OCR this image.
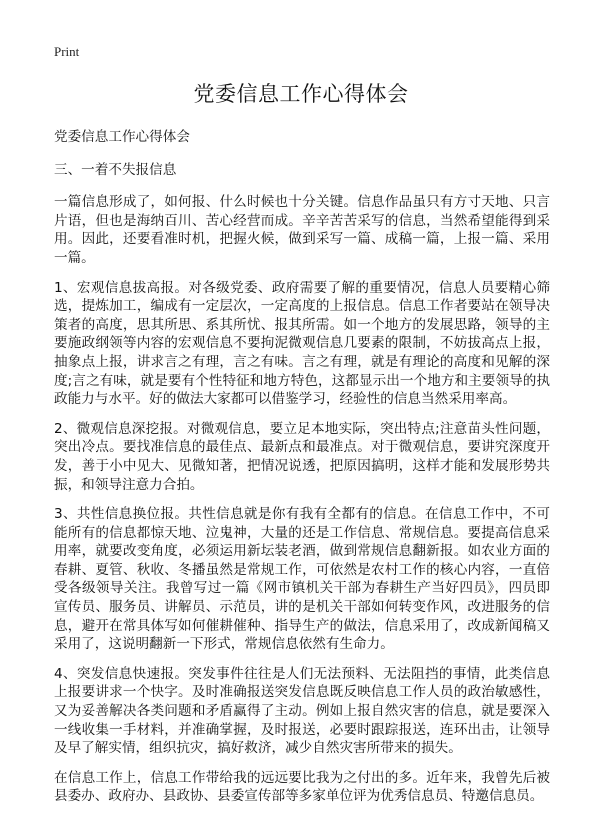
Print
党委信息工作心得体会

党委信息工作心得体会

三、一着不失报信息

一篇信息形成了，如何报、什么时候也十分关键。信息作品虽只有方寸天地、只言片语，但也是海纳百川、苦心经营而成。辛辛苦苦采写的信息，当然希望能得到采用。因此，还要看准时机，把握火候，做到采写一篇、成稿一篇，上报一篇、采用一篇。

1、宏观信息拔高报。对各级党委、政府需要了解的重要情况，信息人员要精心筛选，提炼加工，编成有一定层次，一定高度的上报信息。信息工作者要站在领导决策者的高度，思其所思、系其所忧、报其所需。如一个地方的发展思路，领导的主要施政纲领等内容的宏观信息不要拘泥微观信息几要素的限制，不妨拔高点上报，抽象点上报，讲求言之有理，言之有味。言之有理，就是有理论的高度和见解的深度;言之有味，就是要有个性特征和地方特色，这都显示出一个地方和主要领导的执政能力与水平。好的做法大家都可以借鉴学习，经验性的信息当然采用率高。

2、微观信息深挖报。对微观信息，要立足本地实际，突出特点;注意苗头性问题，突出冷点。要找准信息的最佳点、最新点和最准点。对于微观信息，要讲究深度开发，善于小中见大、见微知著，把情况说透，把原因搞明，这样才能和发展形势共振，和领导注意力合拍。

3、共性信息换位报。共性信息就是你有我有全都有的信息。在信息工作中，不可能所有的信息都惊天地、泣鬼神，大量的还是工作信息、常规信息。要提高信息采用率，就要改变角度，必须运用新坛装老酒，做到常规信息翻新报。如农业方面的春耕、夏管、秋收、冬播虽然是常规工作，可依然是农村工作的核心内容，一直倍受各级领导关注。我曾写过一篇《网市镇机关干部为春耕生产当好四员》，四员即宣传员、服务员、讲解员、示范员，讲的是机关干部如何转变作风，改进服务的信息，避开在常具体写如何催耕催种、指导生产的做法，信息采用了，改成新闻稿又采用了，这说明翻新一下形式，常规信息依然有生命力。

4、突发信息快速报。突发事件往往是人们无法预料、无法阻挡的事情，此类信息上报要讲求一个快字。及时准确报送突发信息既反映信息工作人员的政治敏感性，又为妥善解决各类问题和矛盾赢得了主动。例如上报自然灾害的信息，就是要深入一线收集一手材料，并准确掌握，及时报送，必要时跟踪报送，连环出击，让领导及早了解实情，组织抗灾，搞好救济，减少自然灾害所带来的损失。

在信息工作上，信息工作带给我的远远要比我为之付出的多。近年来，我曾先后被县委办、政府办、县政协、县委宣传部等多家单位评为优秀信息员、特邀信息员。
